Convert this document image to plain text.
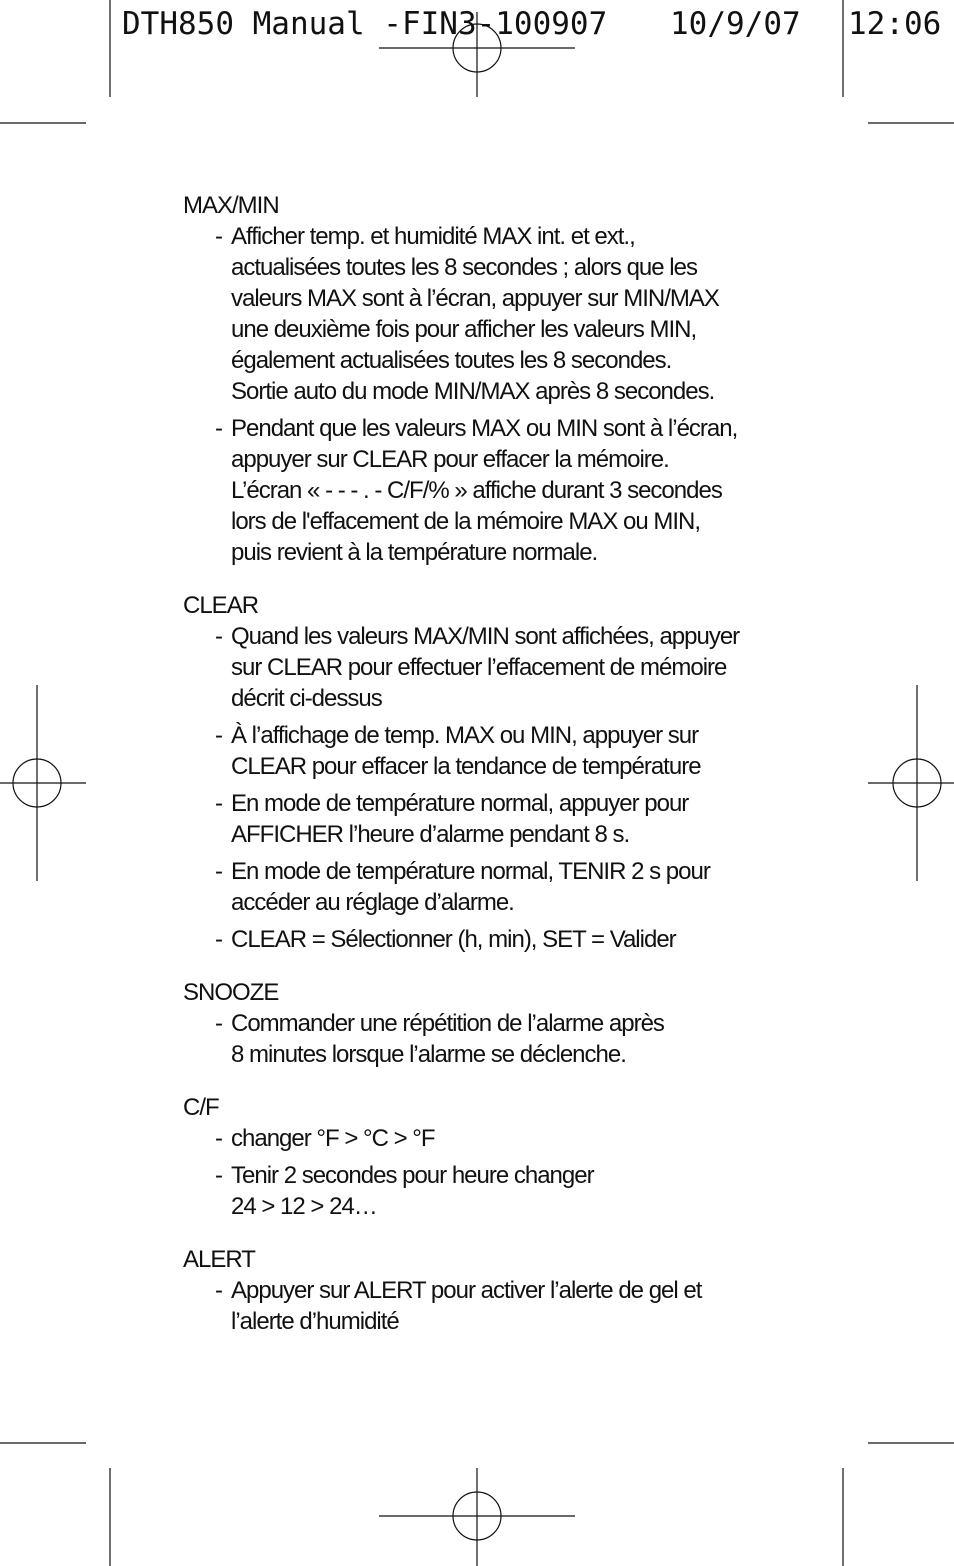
DTH850 Manual -FIN3-100907

10/9/07

12:06

MAX/MIN
- Afficher temp. et humidité MAX int. et ext.,
actualisées toutes les 8 secondes ; alors que les
valeurs MAX sont à l’écran, appuyer sur MIN/MAX
une deuxième fois pour afficher les valeurs MIN,
également actualisées toutes les 8 secondes.
Sortie auto du mode MIN/MAX après 8 secondes.
- Pendant que les valeurs MAX ou MIN sont à l’écran,
appuyer sur CLEAR pour effacer la mémoire.
L’écran « - - - . - C/F/% » affiche durant 3 secondes
lors de l'effacement de la mémoire MAX ou MIN,
puis revient à la température normale.
CLEAR
- Quand les valeurs MAX/MIN sont affichées, appuyer
sur CLEAR pour effectuer l’effacement de mémoire
décrit ci-dessus
- À l’affichage de temp. MAX ou MIN, appuyer sur
CLEAR pour effacer la tendance de température
- En mode de température normal, appuyer pour
AFFICHER l’heure d’alarme pendant 8 s.
- En mode de température normal, TENIR 2 s pour
accéder au réglage d’alarme.
- CLEAR = Sélectionner (h, min), SET = Valider
SNOOZE
- Commander une répétition de l’alarme après
8 minutes lorsque l’alarme se déclenche.
C/F
- changer °F > °C > °F
- Tenir 2 secondes pour heure changer
24 > 12 > 24…
ALERT
- Appuyer sur ALERT pour activer l’alerte de gel et
l’alerte d’humidité
